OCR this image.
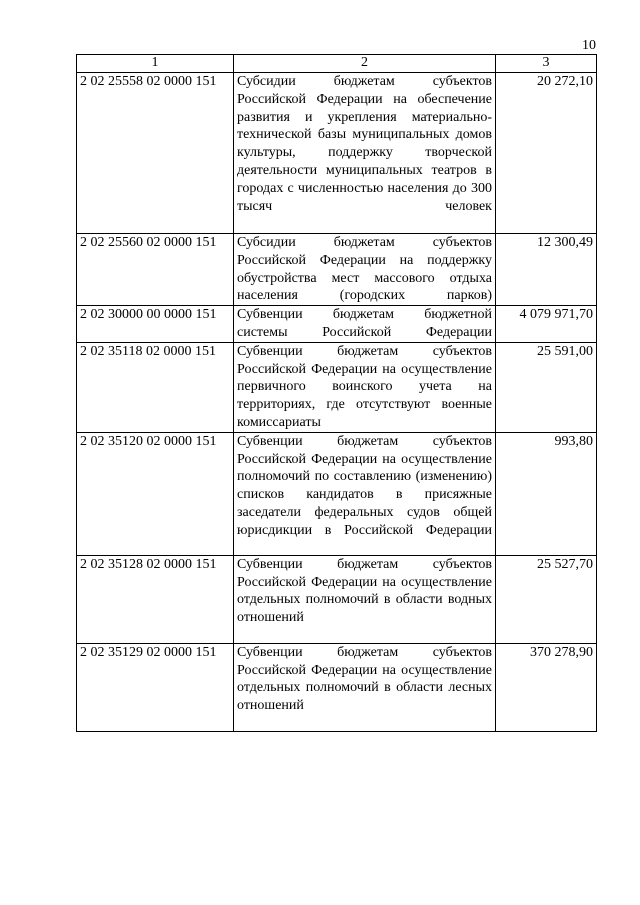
10
1	2	3
2 02 25558 02 0000 151	Субсидии бюджетам субъектов Российской Федерации на обеспечение развития и укрепления материально-технической базы муниципальных домов культуры, поддержку творческой деятельности муниципальных театров в городах с численностью населения до 300 тысяч человек	20 272,10
2 02 25560 02 0000 151	Субсидии бюджетам субъектов Российской Федерации на поддержку обустройства мест массового отдыха населения (городских парков)	12 300,49
2 02 30000 00 0000 151	Субвенции бюджетам бюджетной системы Российской Федерации	4 079 971,70
2 02 35118 02 0000 151	Субвенции бюджетам субъектов Российской Федерации на осуществление первичного воинского учета на территориях, где отсутствуют военные комиссариаты	25 591,00
2 02 35120 02 0000 151	Субвенции бюджетам субъектов Российской Федерации на осуществление полномочий по составлению (изменению) списков кандидатов в присяжные заседатели федеральных судов общей юрисдикции в Российской Федерации	993,80
2 02 35128 02 0000 151	Субвенции бюджетам субъектов Российской Федерации на осуществление отдельных полномочий в области водных отношений	25 527,70
2 02 35129 02 0000 151	Субвенции бюджетам субъектов Российской Федерации на осуществление отдельных полномочий в области лесных отношений	370 278,90
